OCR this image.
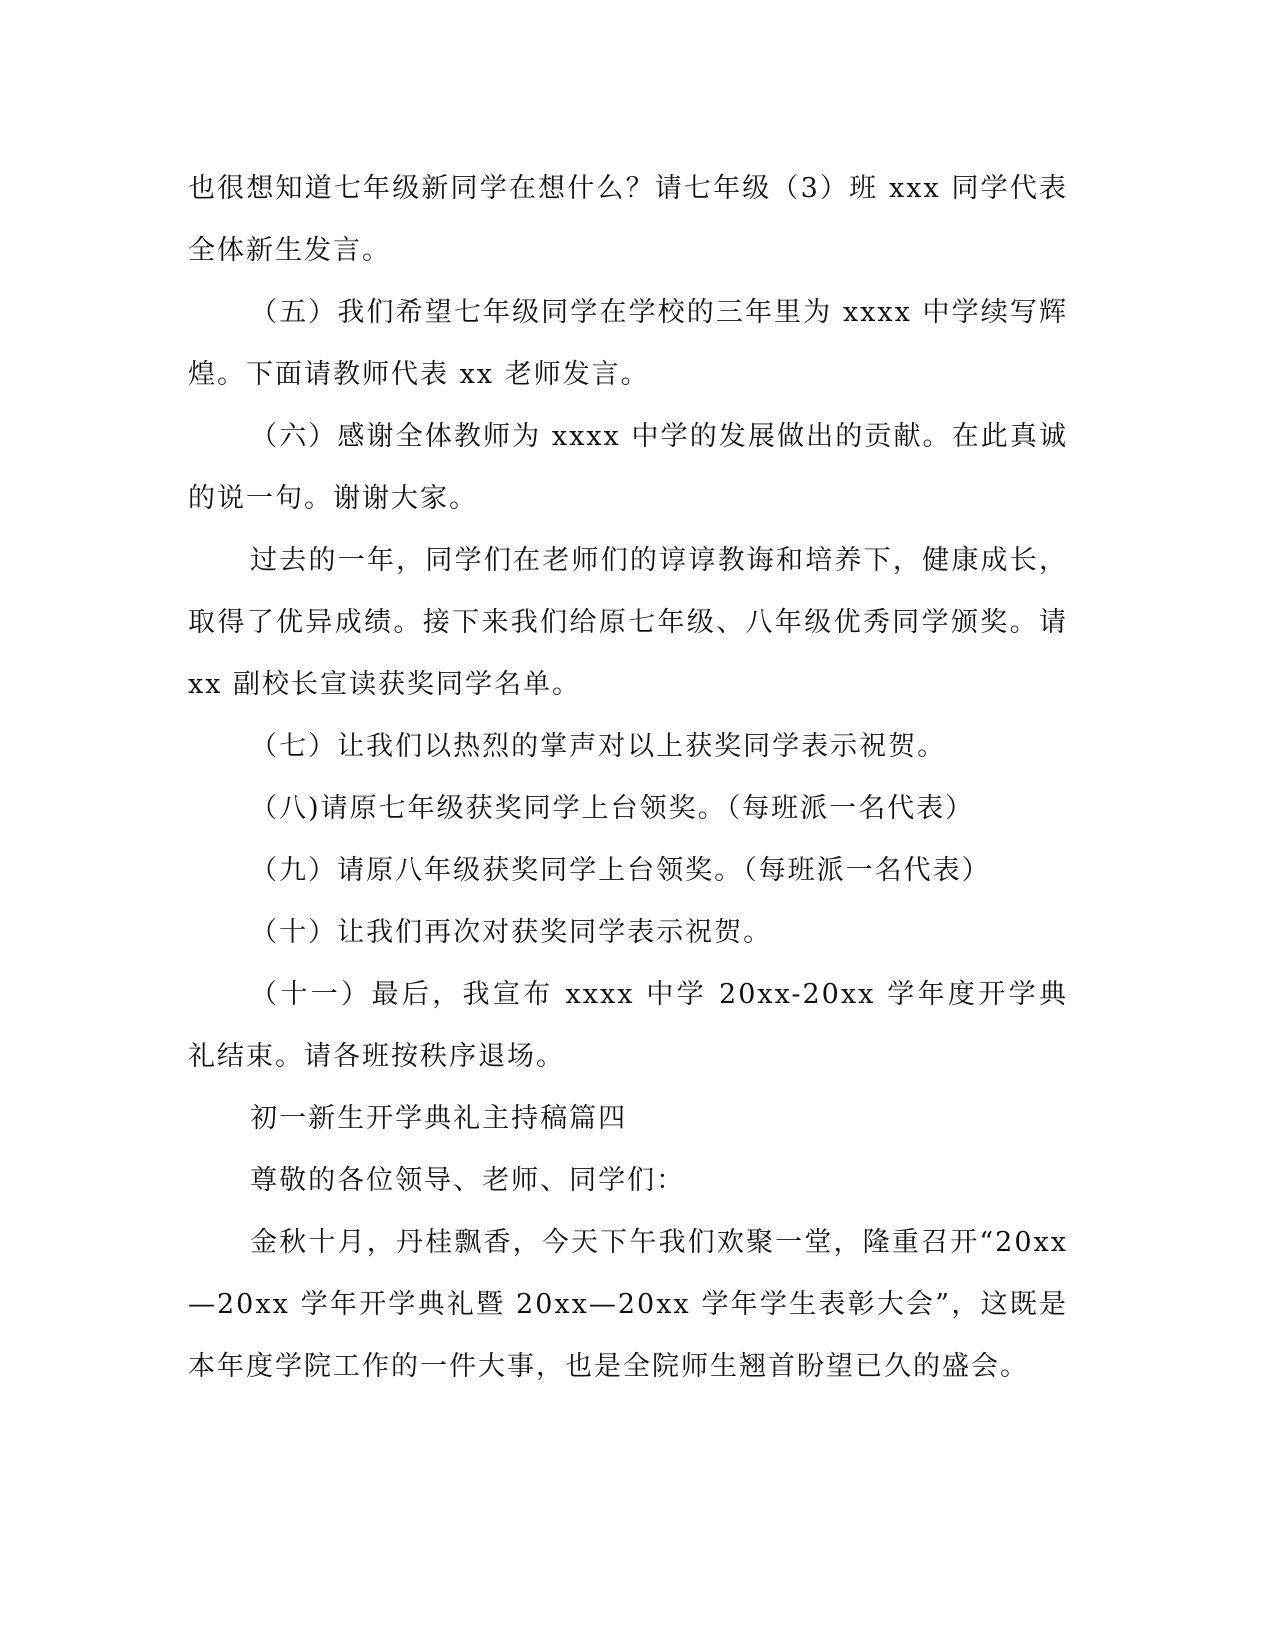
也很想知道七年级新同学在想什么？请七年级（3）班 xxx 同学代表全体新生发言。

（五）我们希望七年级同学在学校的三年里为 xxxx 中学续写辉煌。下面请教师代表 xx 老师发言。

（六）感谢全体教师为 xxxx 中学的发展做出的贡献。在此真诚的说一句。谢谢大家。

过去的一年，同学们在老师们的谆谆教诲和培养下，健康成长，取得了优异成绩。接下来我们给原七年级、八年级优秀同学颁奖。请 xx 副校长宣读获奖同学名单。

（七）让我们以热烈的掌声对以上获奖同学表示祝贺。

（八)请原七年级获奖同学上台领奖。（每班派一名代表）

（九）请原八年级获奖同学上台领奖。（每班派一名代表）

（十）让我们再次对获奖同学表示祝贺。

（十一）最后，我宣布 xxxx 中学 20xx-20xx 学年度开学典礼结束。请各班按秩序退场。

初一新生开学典礼主持稿篇四

尊敬的各位领导、老师、同学们：

金秋十月，丹桂飘香，今天下午我们欢聚一堂，隆重召开“20xx—20xx 学年开学典礼暨 20xx—20xx 学年学生表彰大会”，这既是本年度学院工作的一件大事，也是全院师生翘首盼望已久的盛会。
